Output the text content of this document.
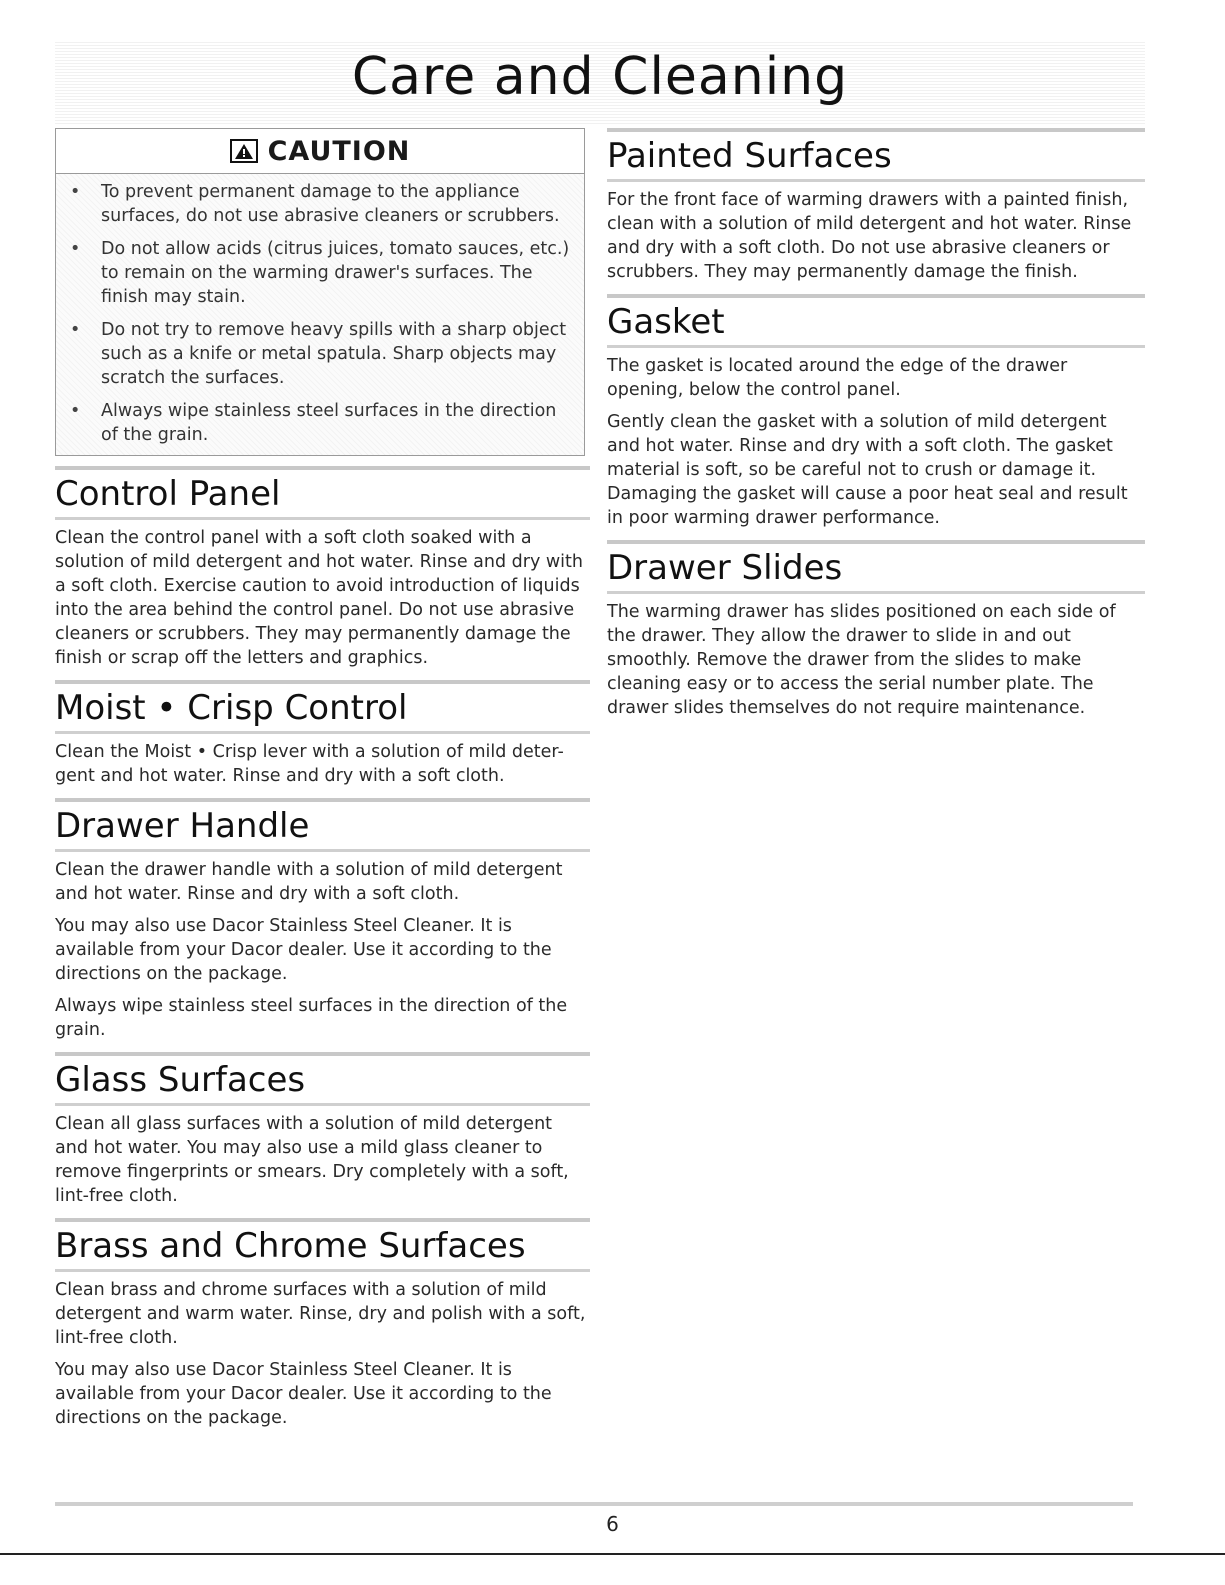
Care and Cleaning
CAUTION
• To prevent permanent damage to the appliance surfaces, do not use abrasive cleaners or scrubbers.
• Do not allow acids (citrus juices, tomato sauces, etc.) to remain on the warming drawer's surfaces. The finish may stain.
• Do not try to remove heavy spills with a sharp object such as a knife or metal spatula. Sharp objects may scratch the surfaces.
• Always wipe stainless steel surfaces in the direction of the grain.
Control Panel

Clean the control panel with a soft cloth soaked with a solution of mild detergent and hot water. Rinse and dry with a soft cloth. Exercise caution to avoid introduction of liquids into the area behind the control panel. Do not use abrasive cleaners or scrubbers. They may permanently damage the finish or scrap off the letters and graphics.

Moist • Crisp Control

Clean the Moist • Crisp lever with a solution of mild deter-gent and hot water. Rinse and dry with a soft cloth.

Drawer Handle

Clean the drawer handle with a solution of mild detergent and hot water. Rinse and dry with a soft cloth.

You may also use Dacor Stainless Steel Cleaner. It is available from your Dacor dealer. Use it according to the directions on the package.

Always wipe stainless steel surfaces in the direction of the grain.

Glass Surfaces

Clean all glass surfaces with a solution of mild detergent and hot water. You may also use a mild glass cleaner to remove fingerprints or smears. Dry completely with a soft, lint-free cloth.

Brass and Chrome Surfaces

Clean brass and chrome surfaces with a solution of mild detergent and warm water. Rinse, dry and polish with a soft, lint-free cloth.

You may also use Dacor Stainless Steel Cleaner. It is available from your Dacor dealer. Use it according to the directions on the package.

Painted Surfaces

For the front face of warming drawers with a painted finish, clean with a solution of mild detergent and hot water. Rinse and dry with a soft cloth. Do not use abrasive cleaners or scrubbers. They may permanently damage the finish.

Gasket

The gasket is located around the edge of the drawer opening, below the control panel.

Gently clean the gasket with a solution of mild detergent and hot water. Rinse and dry with a soft cloth. The gasket material is soft, so be careful not to crush or damage it. Damaging the gasket will cause a poor heat seal and result in poor warming drawer performance.

Drawer Slides

The warming drawer has slides positioned on each side of the drawer. They allow the drawer to slide in and out smoothly. Remove the drawer from the slides to make cleaning easy or to access the serial number plate. The drawer slides themselves do not require maintenance.

6
